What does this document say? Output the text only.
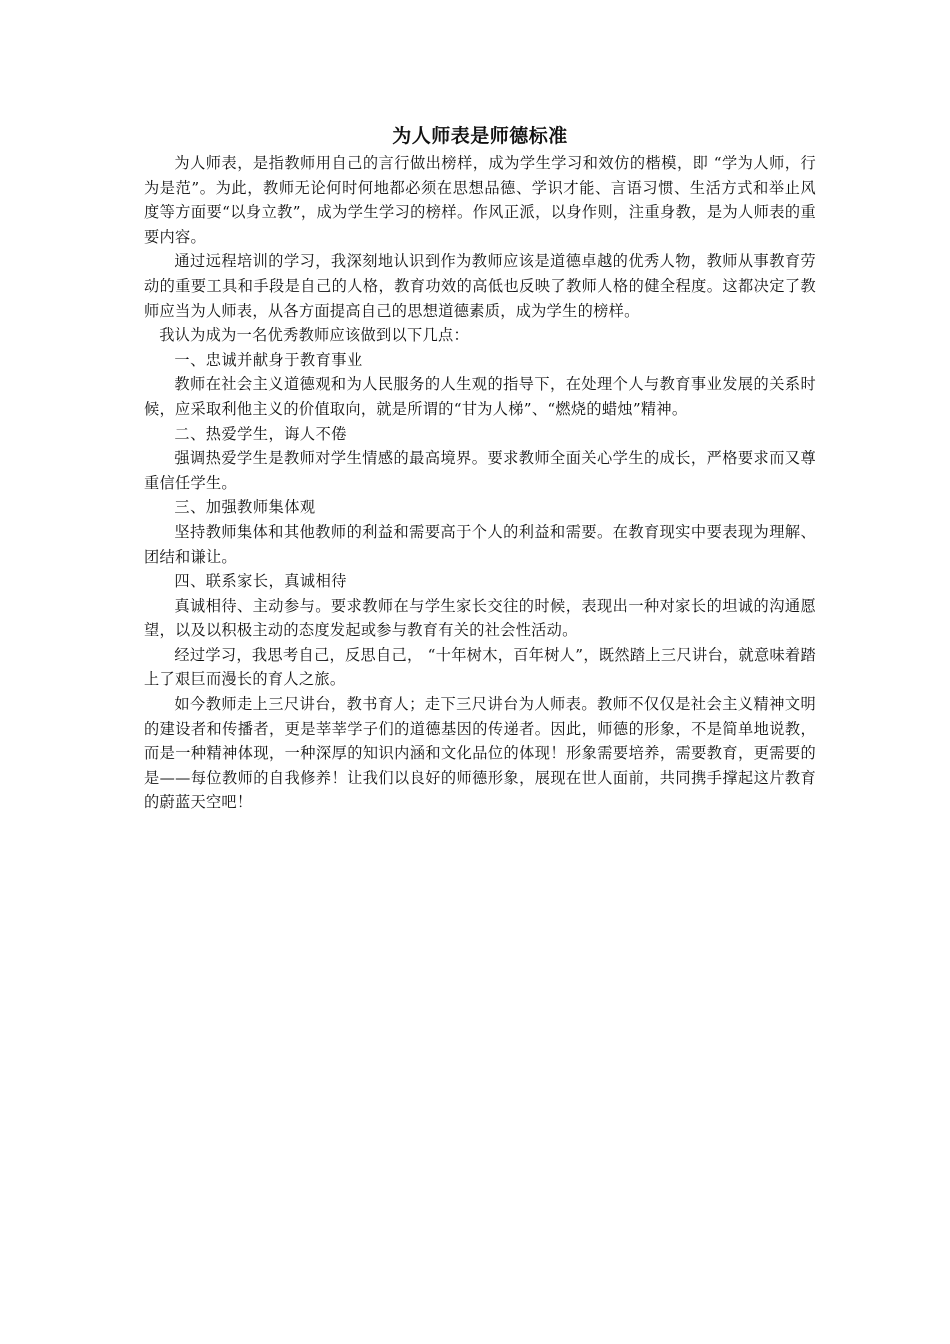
为人师表是师德标准

为人师表，是指教师用自己的言行做出榜样，成为学生学习和效仿的楷模，即 “学为人师，行为是范”。为此，教师无论何时何地都必须在思想品德、学识才能、言语习惯、生活方式和举止风度等方面要“以身立教”，成为学生学习的榜样。作风正派，以身作则，注重身教，是为人师表的重要内容。

通过远程培训的学习，我深刻地认识到作为教师应该是道德卓越的优秀人物，教师从事教育劳动的重要工具和手段是自己的人格，教育功效的高低也反映了教师人格的健全程度。这都决定了教师应当为人师表，从各方面提高自己的思想道德素质，成为学生的榜样。

我认为成为一名优秀教师应该做到以下几点：

一、忠诚并献身于教育事业

教师在社会主义道德观和为人民服务的人生观的指导下，在处理个人与教育事业发展的关系时候，应采取利他主义的价值取向，就是所谓的“甘为人梯”、“燃烧的蜡烛”精神。

二、热爱学生，诲人不倦

强调热爱学生是教师对学生情感的最高境界。要求教师全面关心学生的成长，严格要求而又尊重信任学生。

三、加强教师集体观

坚持教师集体和其他教师的利益和需要高于个人的利益和需要。在教育现实中要表现为理解、团结和谦让。

四、联系家长，真诚相待

真诚相待、主动参与。要求教师在与学生家长交往的时候，表现出一种对家长的坦诚的沟通愿望，以及以积极主动的态度发起或参与教育有关的社会性活动。

经过学习，我思考自己，反思自己， “十年树木，百年树人”，既然踏上三尺讲台，就意味着踏上了艰巨而漫长的育人之旅。

如今教师走上三尺讲台，教书育人；走下三尺讲台为人师表。教师不仅仅是社会主义精神文明的建设者和传播者，更是莘莘学子们的道德基因的传递者。因此，师德的形象，不是简单地说教，而是一种精神体现，一种深厚的知识内涵和文化品位的体现！形象需要培养，需要教育，更需要的是——每位教师的自我修养！让我们以良好的师德形象，展现在世人面前，共同携手撑起这片教育的蔚蓝天空吧！
